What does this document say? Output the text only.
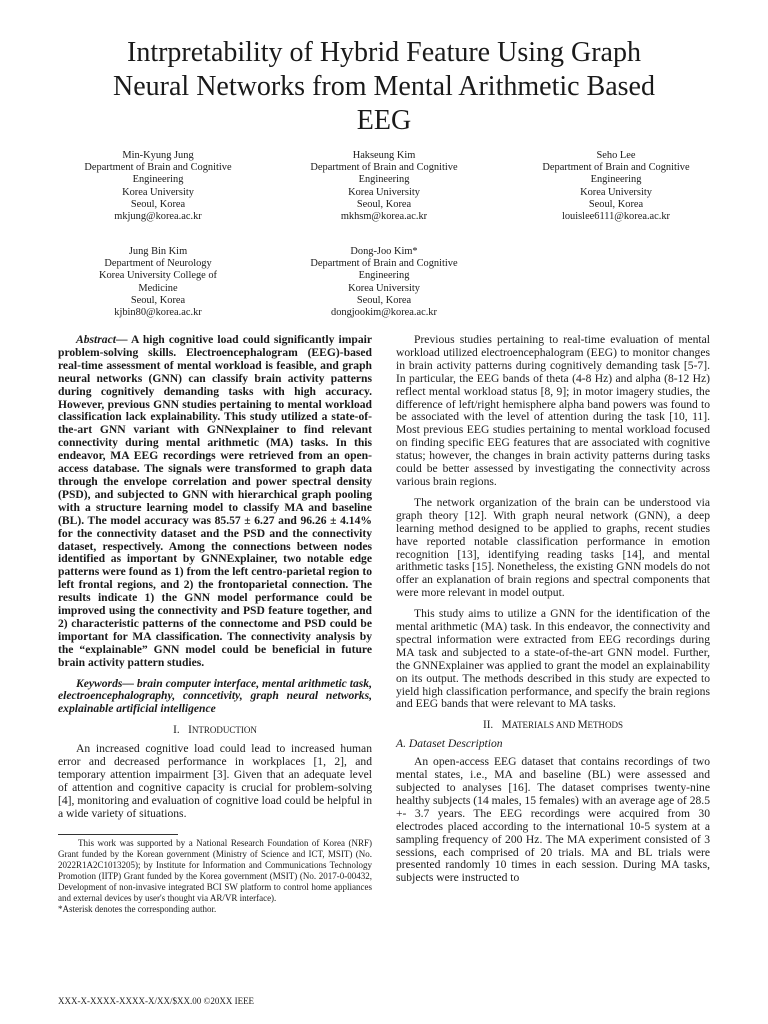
Intrpretability of Hybrid Feature Using Graph
Neural Networks from Mental Arithmetic Based
EEG
Min-Kyung Jung
Department of Brain and Cognitive
Engineering
Korea University
Seoul, Korea
mkjung@korea.ac.kr
Hakseung Kim
Department of Brain and Cognitive
Engineering
Korea University
Seoul, Korea
mkhsm@korea.ac.kr
Seho Lee
Department of Brain and Cognitive
Engineering
Korea University
Seoul, Korea
louislee6111@korea.ac.kr
Jung Bin Kim
Department of Neurology
Korea University College of
Medicine
Seoul, Korea
kjbin80@korea.ac.kr
Dong-Joo Kim*
Department of Brain and Cognitive
Engineering
Korea University
Seoul, Korea
dongjookim@korea.ac.kr

Abstract— A high cognitive load could significantly impair problem-solving skills. Electroencephalogram (EEG)-based real-time assessment of mental workload is feasible, and graph neural networks (GNN) can classify brain activity patterns during cognitively demanding tasks with high accuracy. However, previous GNN studies pertaining to mental workload classification lack explainability. This study utilized a state-of-the-art GNN variant with GNNexplainer to find relevant connectivity during mental arithmetic (MA) tasks. In this endeavor, MA EEG recordings were retrieved from an open-access database. The signals were transformed to graph data through the envelope correlation and power spectral density (PSD), and subjected to GNN with hierarchical graph pooling with a structure learning model to classify MA and baseline (BL). The model accuracy was 85.57 ± 6.27 and 96.26 ± 4.14% for the connectivity dataset and the PSD and the connectivity dataset, respectively. Among the connections between nodes identified as important by GNNExplainer, two notable edge patterns were found as 1) from the left centro-parietal region to left frontal regions, and 2) the frontoparietal connection. The results indicate 1) the GNN model performance could be improved using the connectivity and PSD feature together, and 2) characteristic patterns of the connectome and PSD could be important for MA classification. The connectivity analysis by the “explainable” GNN model could be beneficial in future brain activity pattern studies.

Keywords— brain computer interface, mental arithmetic task, electroencephalography, conncetivity, graph neural networks, explainable artificial intelligence

I. INTRODUCTION

An increased cognitive load could lead to increased human error and decreased performance in workplaces [1, 2], and temporary attention impairment [3]. Given that an adequate level of attention and cognitive capacity is crucial for problem-solving [4], monitoring and evaluation of cognitive load could be helpful in a wide variety of situations.

This work was supported by a National Research Foundation of Korea (NRF) Grant funded by the Korean government (Ministry of Science and ICT, MSIT) (No. 2022R1A2C1013205); by Institute for Information and Communications Technology Promotion (IITP) Grant funded by the Korea government (MSIT) (No. 2017-0-00432, Development of non-invasive integrated BCI SW platform to control home appliances and external devices by user's thought via AR/VR interface).

*Asterisk denotes the corresponding author.

XXX-X-XXXX-XXXX-X/XX/$XX.00 ©20XX IEEE

Previous studies pertaining to real-time evaluation of mental workload utilized electroencephalogram (EEG) to monitor changes in brain activity patterns during cognitively demanding task [5-7]. In particular, the EEG bands of theta (4-8 Hz) and alpha (8-12 Hz) reflect mental workload status [8, 9]; in motor imagery studies, the difference of left/right hemisphere alpha band powers was found to be associated with the level of attention during the task [10, 11]. Most previous EEG studies pertaining to mental workload focused on finding specific EEG features that are associated with cognitive status; however, the changes in brain activity patterns during tasks could be better assessed by investigating the connectivity across various brain regions.

The network organization of the brain can be understood via graph theory [12]. With graph neural network (GNN), a deep learning method designed to be applied to graphs, recent studies have reported notable classification performance in emotion recognition [13], identifying reading tasks [14], and mental arithmetic tasks [15]. Nonetheless, the existing GNN models do not offer an explanation of brain regions and spectral components that were more relevant in model output.

This study aims to utilize a GNN for the identification of the mental arithmetic (MA) task. In this endeavor, the connectivity and spectral information were extracted from EEG recordings during MA task and subjected to a state-of-the-art GNN model. Further, the GNNExplainer was applied to grant the model an explainability on its output. The methods described in this study are expected to yield high classification performance, and specify the brain regions and EEG bands that were relevant to MA tasks.

II. MATERIALS AND METHODS
A. Dataset Description

An open-access EEG dataset that contains recordings of two mental states, i.e., MA and baseline (BL) were assessed and subjected to analyses [16]. The dataset comprises twenty-nine healthy subjects (14 males, 15 females) with an average age of 28.5 +- 3.7 years. The EEG recordings were acquired from 30 electrodes placed according to the international 10-5 system at a sampling frequency of 200 Hz. The MA experiment consisted of 3 sessions, each comprised of 20 trials. MA and BL trials were presented randomly 10 times in each session. During MA tasks, subjects were instructed to
